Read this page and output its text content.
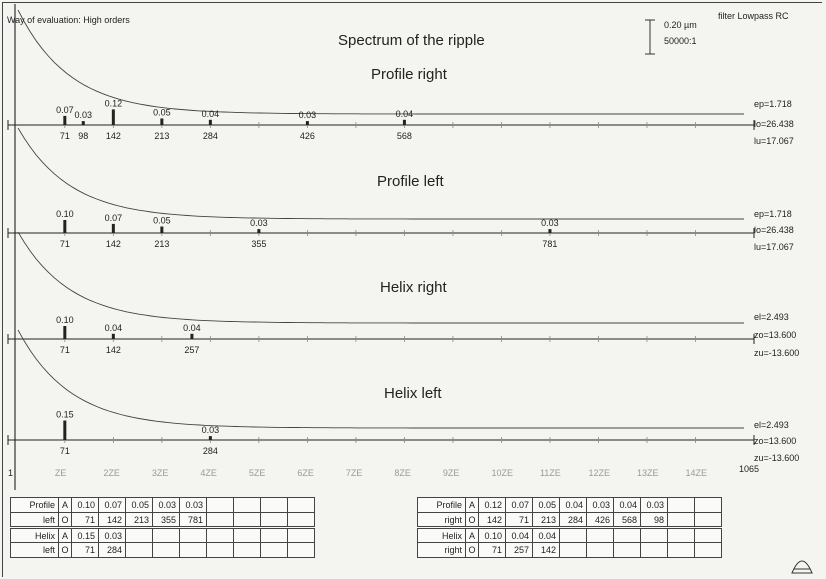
Way of evaluation: High orders	filter Lowpass RC
Spectrum of the ripple
0.20 µm
50000:1
Profile right
Profile left
Helix right
Helix left
ep=1.718
lo=26.438
lu=17.067
ep=1.718
lo=26.438
lu=17.067
el=2.493
zo=13.600
zu=-13.600
el=2.493
zo=13.600
zu=-13.600
0.07
71
0.03
98
0.12
142
0.05
213
0.04
284
0.03
426
0.04
568
0.10
71
0.07
142
0.05
213
0.03
355
0.03
781
0.10
71
0.04
142
0.04
257
0.15
71
0.03
284
1	1065
ZE	2ZE	3ZE	4ZE	5ZE	6ZE	7ZE	8ZE	9ZE	10ZE	11ZE	12ZE	13ZE	14ZE
Profile	A	0.10	0.07	0.05	0.03	0.03				
left	O	71	142	213	355	781				
Helix	A	0.15	0.03							
left	O	71	284							
Profile	A	0.12	0.07	0.05	0.04	0.03	0.04	0.03		
right	O	142	71	213	284	426	568	98		
Helix	A	0.10	0.04	0.04						
right	O	71	257	142						
